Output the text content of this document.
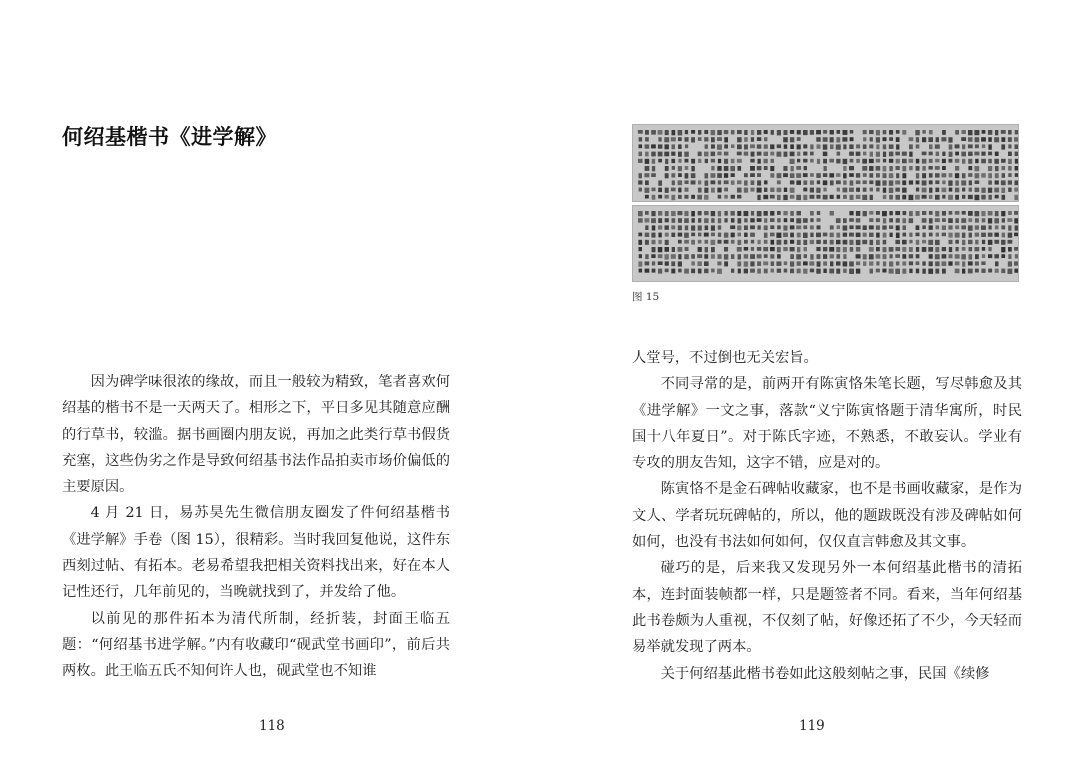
何绍基楷书《进学解》

因为碑学味很浓的缘故，而且一般较为精致，笔者喜欢何绍基的楷书不是一天两天了。相形之下，平日多见其随意应酬的行草书，较滥。据书画圈内朋友说，再加之此类行草书假货充塞，这些伪劣之作是导致何绍基书法作品拍卖市场价偏低的主要原因。

4 月 21 日，易苏昊先生微信朋友圈发了件何绍基楷书《进学解》手卷（图 15），很精彩。当时我回复他说，这件东西刻过帖、有拓本。老易希望我把相关资料找出来，好在本人记性还行，几年前见的，当晚就找到了，并发给了他。

以前见的那件拓本为清代所制，经折装，封面王临五题：“何绍基书进学解。”内有收藏印“砚武堂书画印”，前后共两枚。此王临五氏不知何许人也，砚武堂也不知谁

118
图 15

人堂号，不过倒也无关宏旨。

不同寻常的是，前两开有陈寅恪朱笔长题，写尽韩愈及其《进学解》一文之事，落款“义宁陈寅恪题于清华寓所，时民国十八年夏日”。对于陈氏字迹，不熟悉，不敢妄认。学业有专攻的朋友告知，这字不错，应是对的。

陈寅恪不是金石碑帖收藏家，也不是书画收藏家，是作为文人、学者玩玩碑帖的，所以，他的题跋既没有涉及碑帖如何如何，也没有书法如何如何，仅仅直言韩愈及其文事。

碰巧的是，后来我又发现另外一本何绍基此楷书的清拓本，连封面装帧都一样，只是题签者不同。看来，当年何绍基此书卷颇为人重视，不仅刻了帖，好像还拓了不少，今天轻而易举就发现了两本。

关于何绍基此楷书卷如此这般刻帖之事，民国《续修

119
